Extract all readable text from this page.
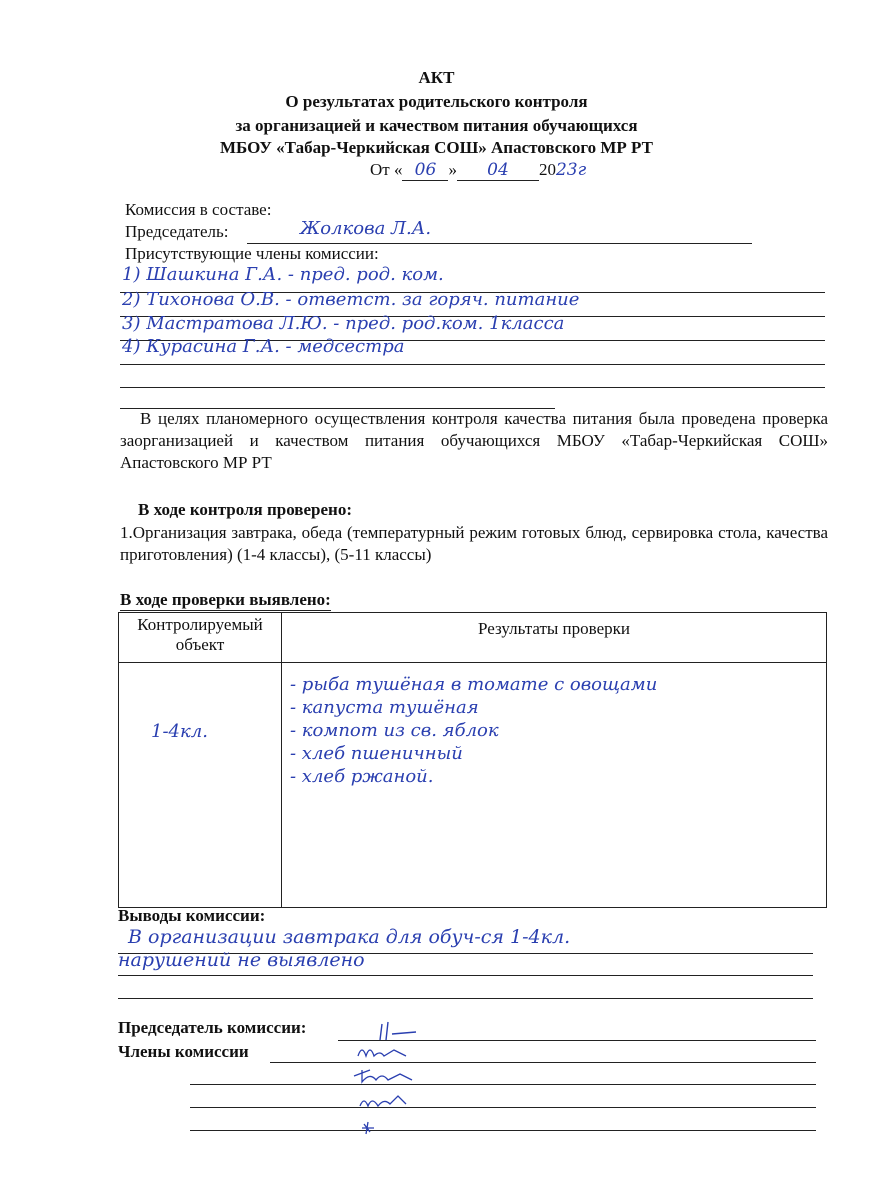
АКТ
О результатах родительского контроля
за организацией и качеством питания обучающихся
МБОУ «Табар-Черкийская СОШ» Апастовского МР РТ
От « 06 » 04 2023г
Комиссия в составе:
Председатель:	Жолкова Л.А.
Присутствующие члены комиссии:
1) Шашкина Г.А. - пред. род. ком.
2) Тихонова О.В. - ответст. за горяч. питание
3) Мастратова Л.Ю. - пред. род.ком. 1класса
4) Курасина Г.А. - медсестра
В целях планомерного осуществления контроля качества питания была проведена проверка заорганизацией и качеством питания обучающихся МБОУ «Табар-Черкийская СОШ» Апастовского МР РТ
В ходе контроля проверено:
1.Организация завтрака, обеда (температурный режим готовых блюд, сервировка стола, качества приготовления) (1-4 классы), (5-11 классы)
В ходе проверки выявлено:
Контролируемый объект	Результаты проверки

1-4кл.	- рыба тушёная в томате с овощами
- капуста тушёная
- компот из св. яблок
- хлеб пшеничный
- хлеб ржаной.
Выводы комиссии:
В организации завтрака для обуч-ся 1-4кл.
нарушений не выявлено
Председатель комиссии:
Члены комиссии
